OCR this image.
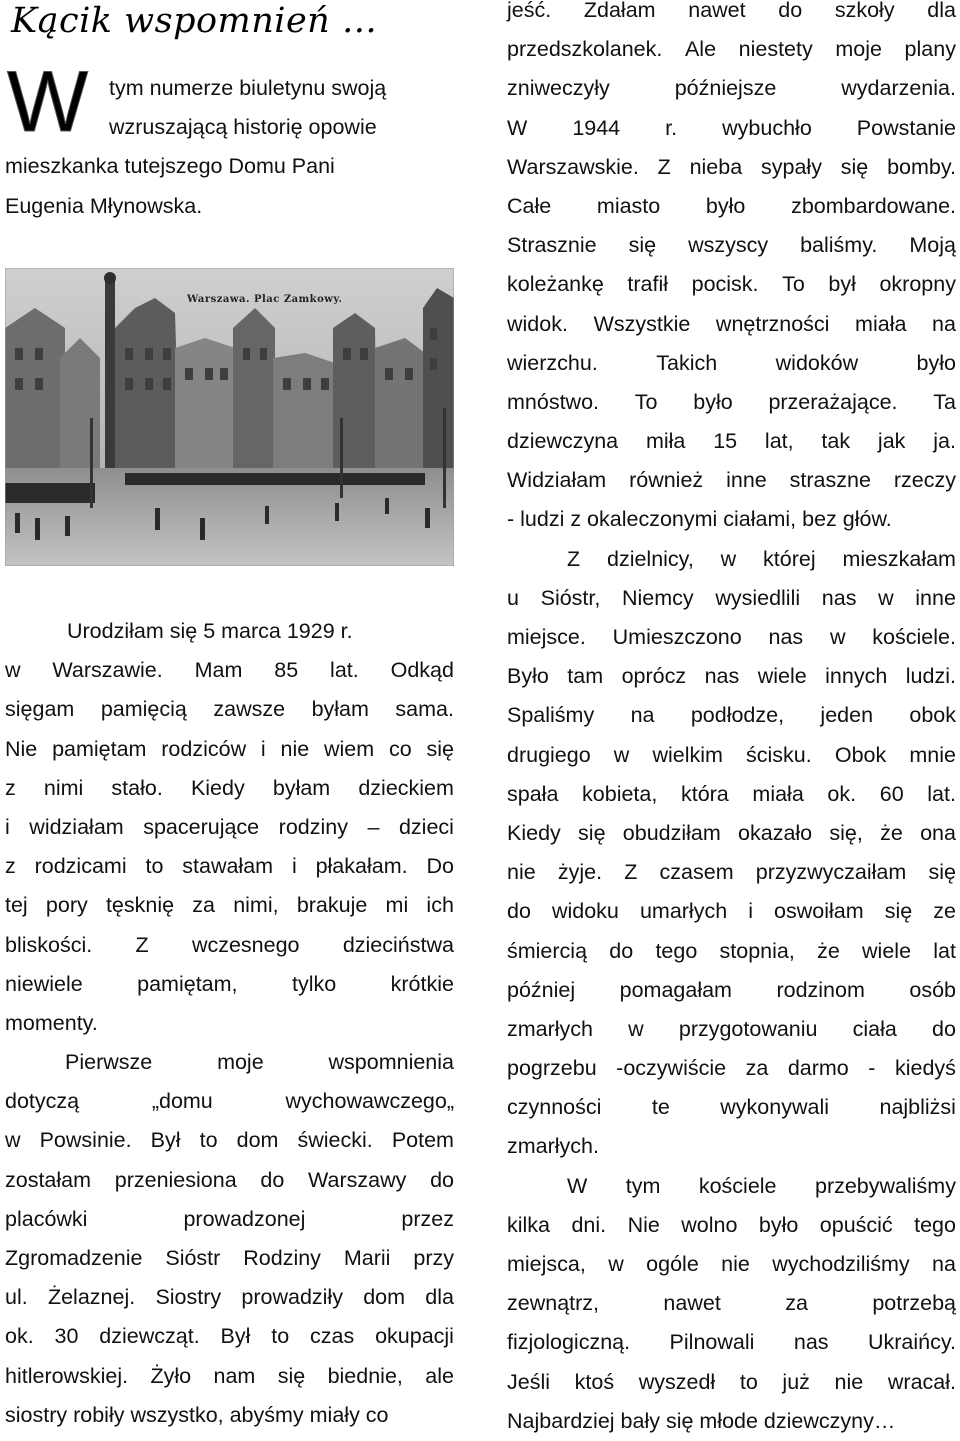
Kącik wspomnień …
W tym numerze biuletynu swoją
wzruszającą historię opowie
mieszkanka tutejszego Domu Pani
Eugenia Młynowska.
Warszawa. Plac Zamkowy.
Urodziłam się 5 marca 1929 r.
w Warszawie. Mam 85 lat. Odkąd
sięgam pamięcią zawsze byłam sama.
Nie pamiętam rodziców i nie wiem co się
z nimi stało. Kiedy byłam dzieckiem
i widziałam spacerujące rodziny – dzieci
z rodzicami to stawałam i płakałam. Do
tej pory tęsknię za nimi, brakuje mi ich
bliskości. Z wczesnego dzieciństwa
niewiele	pamiętam,	tylko	krótkie
momenty.
Pierwsze	moje	wspomnienia
dotyczą	„domu	wychowawczego„
w Powsinie. Był to dom świecki. Potem
zostałam przeniesiona do Warszawy do
placówki	prowadzonej	przez
Zgromadzenie Sióstr Rodziny Marii przy
ul. Żelaznej. Siostry prowadziły dom dla
ok. 30 dziewcząt. Był to czas okupacji
hitlerowskiej. Żyło nam się biednie, ale
siostry robiły wszystko, abyśmy miały co
jeść. Zdałam nawet do szkoły dla
przedszkolanek. Ale niestety moje plany
zniweczyły	późniejsze	wydarzenia.
W 1944 r. wybuchło Powstanie
Warszawskie. Z nieba sypały się bomby.
Całe miasto było zbombardowane.
Strasznie się wszyscy baliśmy. Moją
koleżankę trafił pocisk. To był okropny
widok. Wszystkie wnętrzności miała na
wierzchu.	Takich	widoków	było
mnóstwo. To było przerażające. Ta
dziewczyna miła 15 lat, tak jak ja.
Widziałam również inne straszne rzeczy
- ludzi z okaleczonymi ciałami, bez głów.
Z dzielnicy, w której mieszkałam
u Sióstr, Niemcy wysiedlili nas w inne
miejsce. Umieszczono nas w kościele.
Było tam oprócz nas wiele innych ludzi.
Spaliśmy na podłodze, jeden obok
drugiego w wielkim ścisku. Obok mnie
spała kobieta, która miała ok. 60 lat.
Kiedy się obudziłam okazało się, że ona
nie żyje. Z czasem przyzwyczaiłam się
do widoku umarłych i oswoiłam się ze
śmiercią do tego stopnia, że wiele lat
później pomagałam rodzinom osób
zmarłych w przygotowaniu ciała do
pogrzebu -oczywiście za darmo - kiedyś
czynności te wykonywali najbliżsi
zmarłych.
W tym kościele przebywaliśmy
kilka dni. Nie wolno było opuścić tego
miejsca, w ogóle nie wychodziliśmy na
zewnątrz,	nawet	za	potrzebą
fizjologiczną. Pilnowali nas Ukraińcy.
Jeśli ktoś wyszedł to już nie wracał.
Najbardziej bały się młode dziewczyny…
